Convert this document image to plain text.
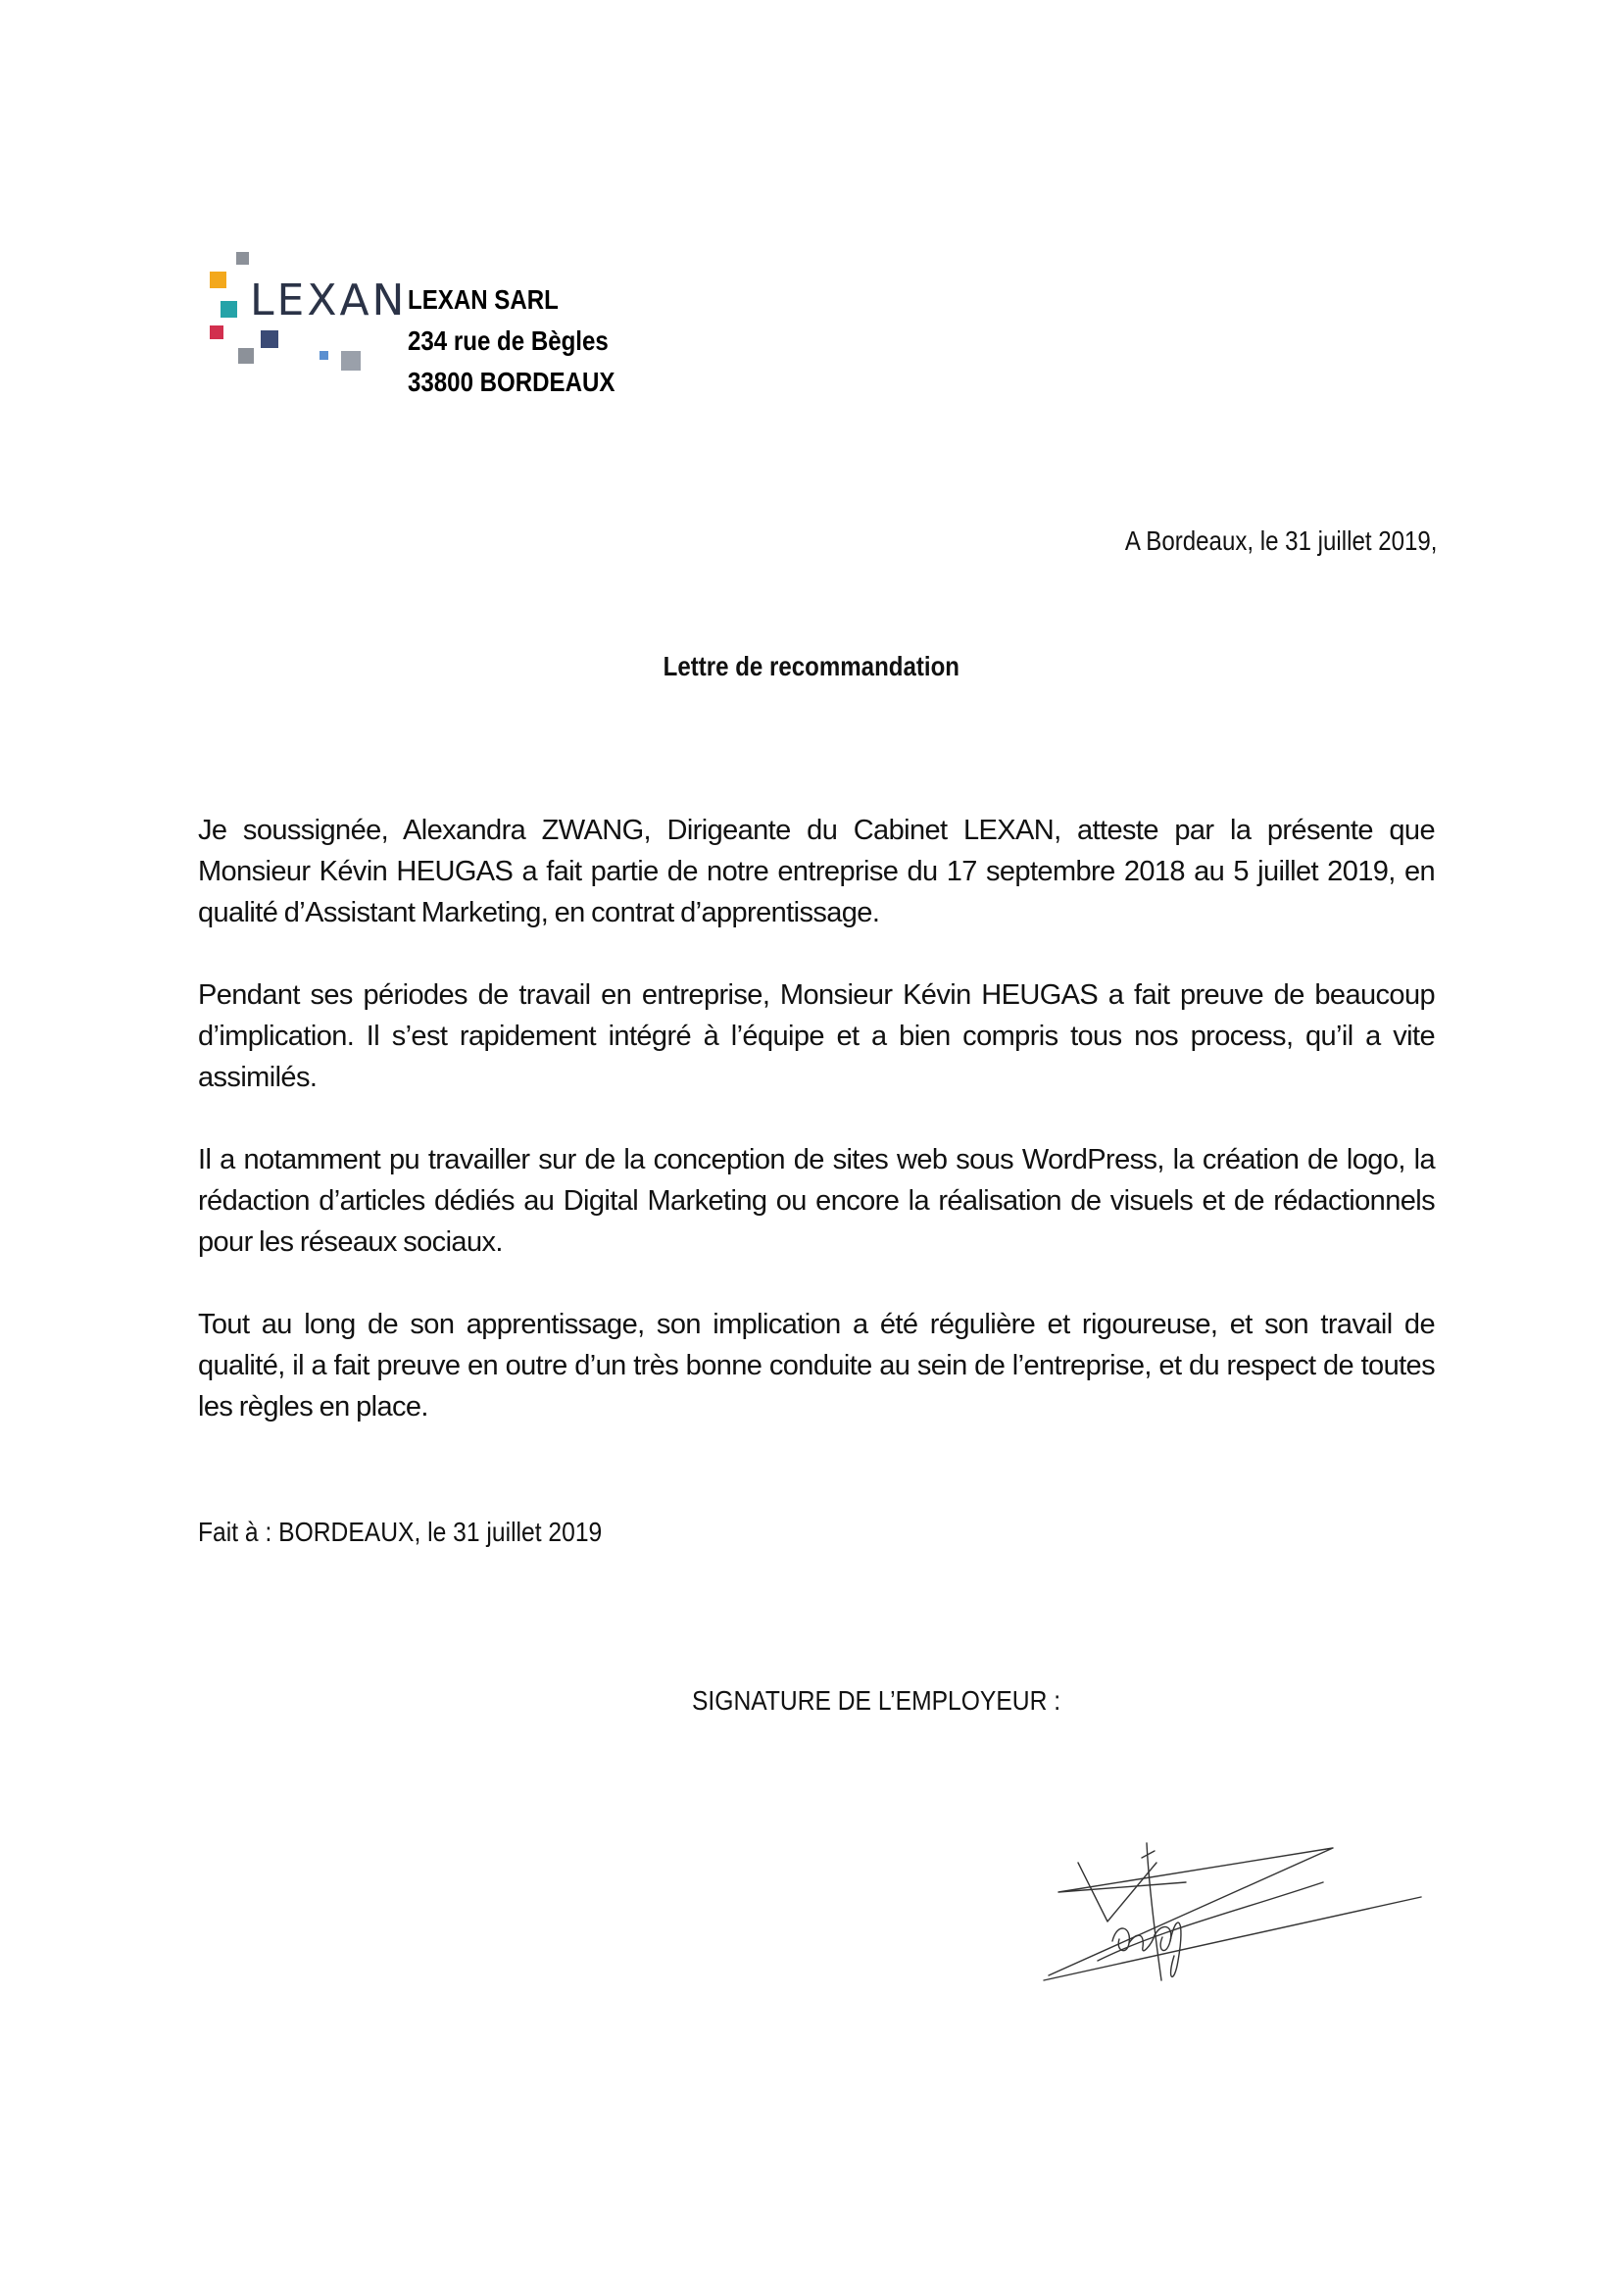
LEXAN LEXAN SARL
234 rue de Bègles
33800 BORDEAUX
A Bordeaux, le 31 juillet 2019,
Lettre de recommandation

Je soussignée, Alexandra ZWANG, Dirigeante du Cabinet LEXAN, atteste par la présente que Monsieur Kévin HEUGAS a fait partie de notre entreprise du 17 septembre 2018 au 5 juillet 2019, en qualité d’Assistant Marketing, en contrat d’apprentissage.

Pendant ses périodes de travail en entreprise, Monsieur Kévin HEUGAS a fait preuve de beaucoup d’implication. Il s’est rapidement intégré à l’équipe et a bien compris tous nos process, qu’il a vite assimilés.

Il a notamment pu travailler sur de la conception de sites web sous WordPress, la création de logo, la rédaction d’articles dédiés au Digital Marketing ou encore la réalisation de visuels et de rédactionnels pour les réseaux sociaux.

Tout au long de son apprentissage, son implication a été régulière et rigoureuse, et son travail de qualité, il a fait preuve en outre d’un très bonne conduite au sein de l’entreprise, et du respect de toutes les règles en place.

Fait à : BORDEAUX, le 31 juillet 2019
SIGNATURE DE L’EMPLOYEUR :
